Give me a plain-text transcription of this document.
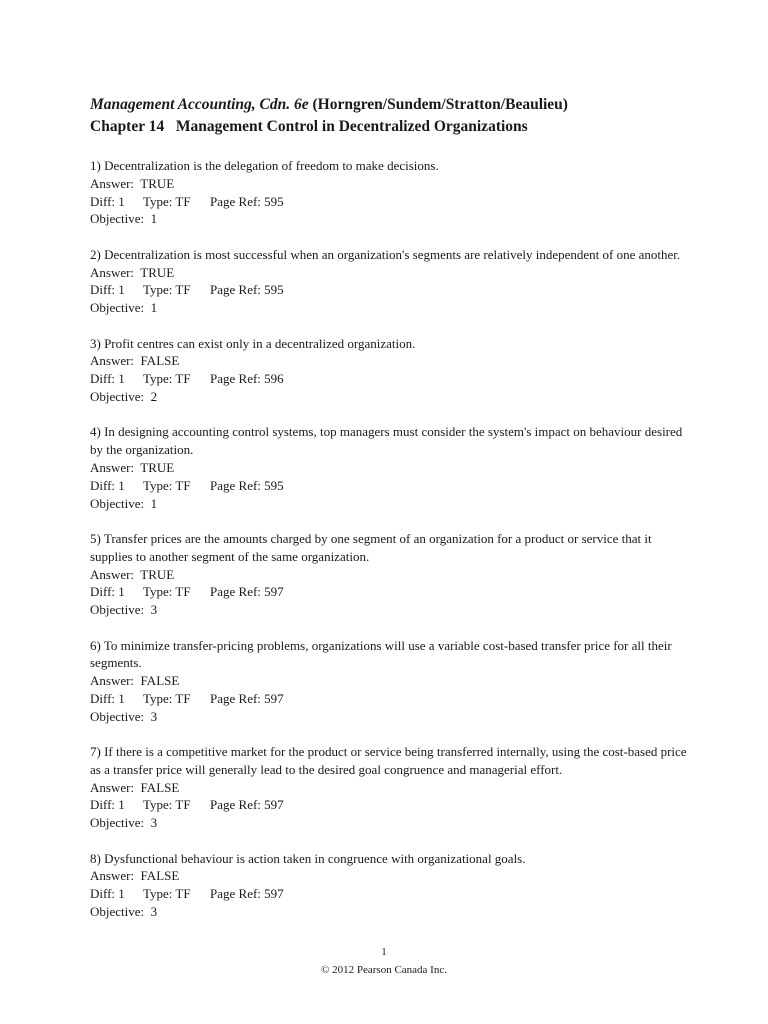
Management Accounting, Cdn. 6e (Horngren/Sundem/Stratton/Beaulieu)
Chapter 14   Management Control in Decentralized Organizations
1) Decentralization is the delegation of freedom to make decisions.
Answer:  TRUE
Diff: 1 Type: TF Page Ref: 595
Objective:  1
2) Decentralization is most successful when an organization's segments are relatively independent of one another.
Answer:  TRUE
Diff: 1 Type: TF Page Ref: 595
Objective:  1
3) Profit centres can exist only in a decentralized organization.
Answer:  FALSE
Diff: 1 Type: TF Page Ref: 596
Objective:  2
4) In designing accounting control systems, top managers must consider the system's impact on behaviour desired by the organization.
Answer:  TRUE
Diff: 1 Type: TF Page Ref: 595
Objective:  1
5) Transfer prices are the amounts charged by one segment of an organization for a product or service that it supplies to another segment of the same organization.
Answer:  TRUE
Diff: 1 Type: TF Page Ref: 597
Objective:  3
6) To minimize transfer-pricing problems, organizations will use a variable cost-based transfer price for all their segments.
Answer:  FALSE
Diff: 1 Type: TF Page Ref: 597
Objective:  3
7) If there is a competitive market for the product or service being transferred internally, using the cost-based price as a transfer price will generally lead to the desired goal congruence and managerial effort.
Answer:  FALSE
Diff: 1 Type: TF Page Ref: 597
Objective:  3
8) Dysfunctional behaviour is action taken in congruence with organizational goals.
Answer:  FALSE
Diff: 1 Type: TF Page Ref: 597
Objective:  3
1
© 2012 Pearson Canada Inc.
